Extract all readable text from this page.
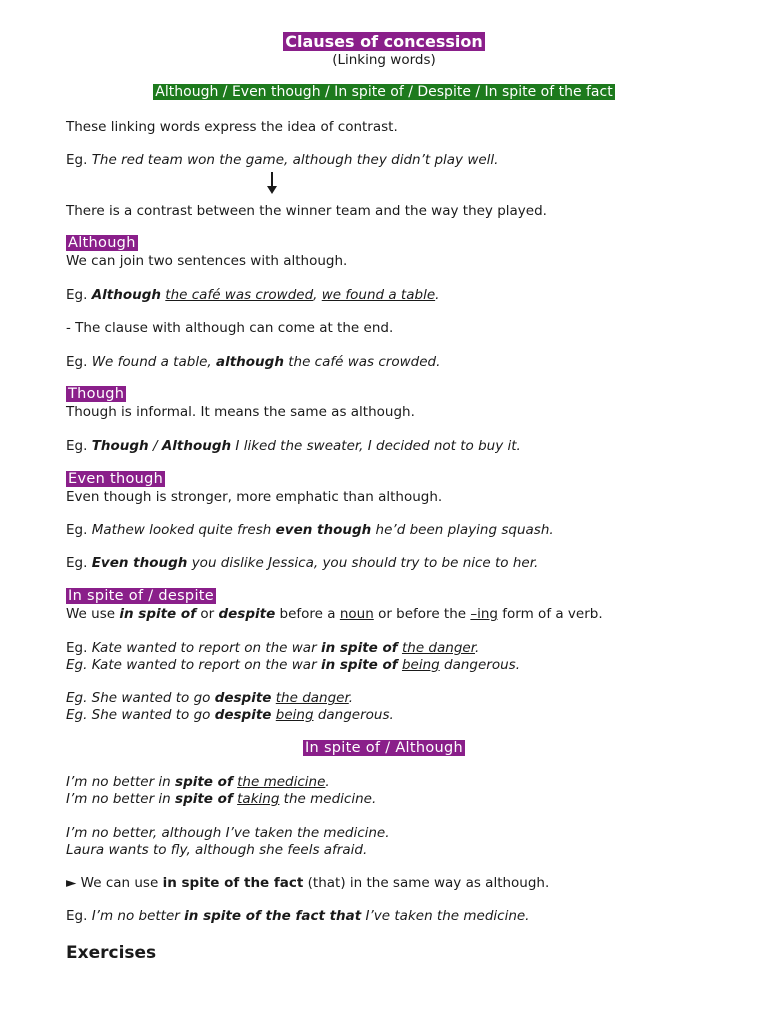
Clauses of concession
(Linking words)
Although / Even though / In spite of / Despite / In spite of the fact
These linking words express the idea of contrast.
Eg. The red team won the game, although they didn’t play well.
There is a contrast between the winner team and the way they played.
Although
We can join two sentences with although.
Eg. Although the café was crowded, we found a table.
- The clause with although can come at the end.
Eg. We found a table, although the café was crowded.
Though
Though is informal. It means the same as although.
Eg. Though / Although I liked the sweater, I decided not to buy it.
Even though
Even though is stronger, more emphatic than although.
Eg. Mathew looked quite fresh even though he’d been playing squash.
Eg. Even though you dislike Jessica, you should try to be nice to her.
In spite of / despite
We use in spite of or despite before a noun or before the –ing form of a verb.
Eg. Kate wanted to report on the war in spite of the danger.
Eg. Kate wanted to report on the war in spite of being dangerous.
Eg. She wanted to go despite the danger.
Eg. She wanted to go despite being dangerous.
In spite of / Although
I’m no better in spite of the medicine.
I’m no better in spite of taking the medicine.
I’m no better, although I’ve taken the medicine.
Laura wants to fly, although she feels afraid.
► We can use in spite of the fact (that) in the same way as although.
Eg. I’m no better in spite of the fact that I’ve taken the medicine.
Exercises
